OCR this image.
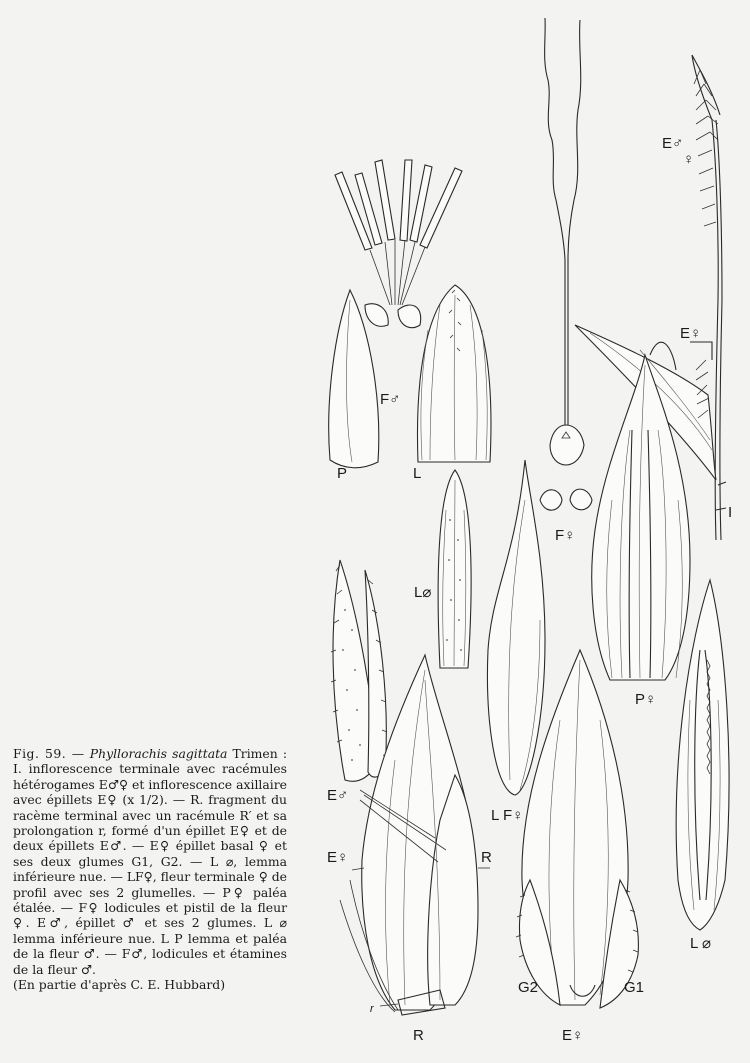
F♂
P	L
F♀
E♂
♀
E♀
I
L⌀
P♀
E♂
E♀	R
L F♀
L ⌀
G2	G1
R	E♀
r
Fig. 59. — Phyllorachis sagittata Trimen : I. inflorescence terminale avec racémules hétérogames E♂♀ et inflorescence axillaire avec épillets E♀ (x 1/2). — R. fragment du racème terminal avec un racémule R′ et sa prolongation r, formé d'un épillet E♀ et de deux épillets E♂. — E♀ épillet basal ♀ et ses deux glumes G1, G2. — L ⌀, lemma inférieure nue. — LF♀, fleur terminale ♀ de profil avec ses 2 glumelles. — P♀ paléa étalée. — F♀ lodicules et pistil de la fleur ♀. E♂, épillet ♂ et ses 2 glumes. L ⌀ lemma inférieure nue. L P lemma et paléa de la fleur ♂. — F♂, lodicules et étamines de la fleur ♂.
(En partie d'après C. E. Hubbard)
